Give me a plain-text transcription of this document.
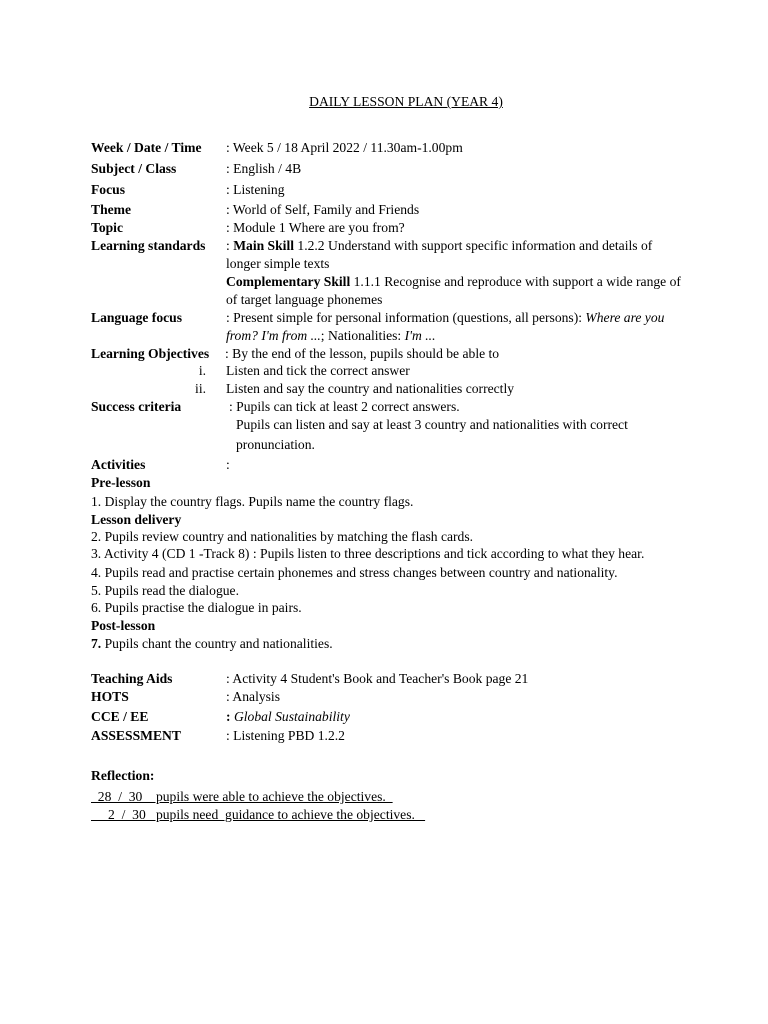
DAILY LESSON PLAN (YEAR 4)
Week / Date / Time : Week 5 / 18 April 2022 / 11.30am-1.00pm
Subject / Class	: English / 4B
Focus	: Listening
Theme	: World of Self, Family and Friends
Topic	: Module 1 Where are you from?
Learning standards : Main Skill 1.2.2 Understand with support specific information and details of
longer simple texts
Complementary Skill 1.1.1 Recognise and reproduce with support a wide range of
of target language phonemes
Language focus	: Present simple for personal information (questions, all persons): Where are you
from? I'm from ...; Nationalities: I'm ...
Learning Objectives : By the end of the lesson, pupils should be able to
i. Listen and tick the correct answer
ii. Listen and say the country and nationalities correctly
Success criteria	: Pupils can tick at least 2 correct answers.
Pupils can listen and say at least 3 country and nationalities with correct
pronunciation.
Activities	:
Pre-lesson
1. Display the country flags. Pupils name the country flags.
Lesson delivery
2. Pupils review country and nationalities by matching the flash cards.
3. Activity 4 (CD 1 -Track 8) : Pupils listen to three descriptions and tick according to what they hear.
4. Pupils read and practise certain phonemes and stress changes between country and nationality.
5. Pupils read the dialogue.
6. Pupils practise the dialogue in pairs.
Post-lesson
7. Pupils chant the country and nationalities.
Teaching Aids	: Activity 4 Student's Book and Teacher's Book page 21
HOTS	: Analysis
CCE / EE	: Global Sustainability
ASSESSMENT	: Listening PBD 1.2.2
Reflection:
28  /  30    pupils were able to achieve the objectives.
2  /  30   pupils need  guidance to achieve the objectives.
